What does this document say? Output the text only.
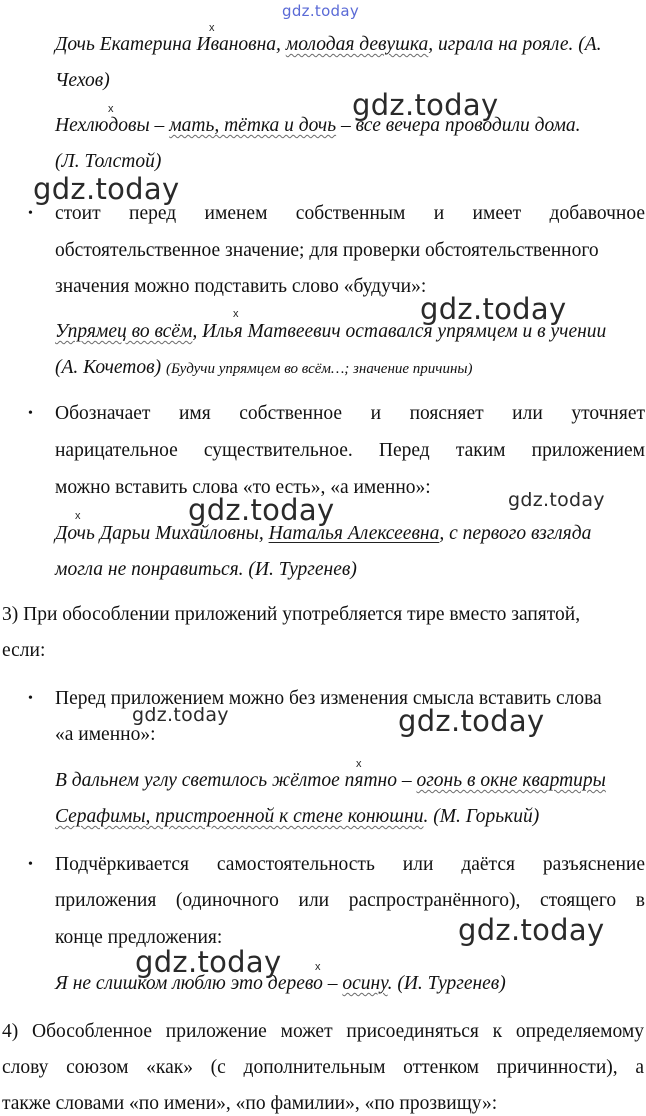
gdz.today
x
Дочь Екатерина Ивановна, молодая девушка, играла на рояле. (А.
Чехов)
x
Нехлюдовы – мать, тётка и дочь – все вечера проводили дома.
(Л. Толстой)
• стоит перед именем собственным и имеет добавочное
обстоятельственное значение; для проверки обстоятельственного
значения можно подставить слово «будучи»:
x
Упрямец во всём, Илья Матвеевич оставался упрямцем и в учении
(А. Кочетов) (Будучи упрямцем во всём…; значение причины)
• Обозначает имя собственное и поясняет или уточняет
нарицательное существительное. Перед таким приложением
можно вставить слова «то есть», «а именно»:
x
Дочь Дарьи Михайловны, Наталья Алексеевна, с первого взгляда
могла не понравиться. (И. Тургенев)
3) При обособлении приложений употребляется тире вместо запятой,
если:
• Перед приложением можно без изменения смысла вставить слова
«а именно»:
x
В дальнем углу светилось жёлтое пятно – огонь в окне квартиры
Серафимы, пристроенной к стене конюшни. (М. Горький)
• Подчёркивается самостоятельность или даётся разъяснение
приложения (одиночного или распространённого), стоящего в
конце предложения:
x
Я не слишком люблю это дерево – осину. (И. Тургенев)
4) Обособленное приложение может присоединяться к определяемому
слову союзом «как» (с дополнительным оттенком причинности), а
также словами «по имени», «по фамилии», «по прозвищу»:
gdz.today
gdz.today
gdz.today
gdz.today
gdz.today
gdz.today	gdz.today
gdz.today
gdz.today
